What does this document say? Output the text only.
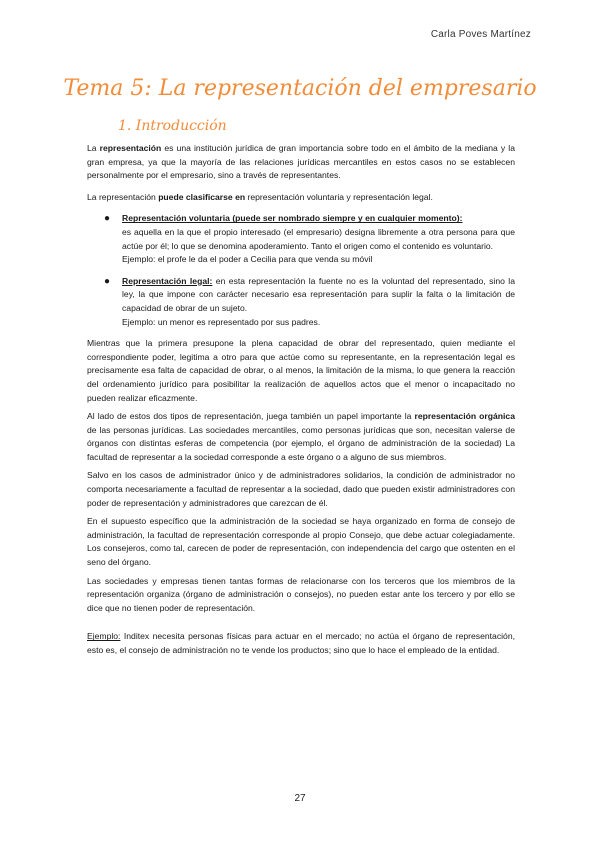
Carla Poves Martínez
Tema 5: La representación del empresario
1. Introducción

La representación es una institución jurídica de gran importancia sobre todo en el ámbito de la mediana y la gran empresa, ya que la mayoría de las relaciones jurídicas mercantiles en estos casos no se establecen personalmente por el empresario, sino a través de representantes.

La representación puede clasificarse en representación voluntaria y representación legal.

● Representación voluntaria (puede ser nombrado siempre y en cualquier momento):
es aquella en la que el propio interesado (el empresario) designa libremente a otra persona para que actúe por él; lo que se denomina apoderamiento. Tanto el origen como el contenido es voluntario.
Ejemplo: el profe le da el poder a Cecilia para que venda su móvil
● Representación legal: en esta representación la fuente no es la voluntad del representado, sino la ley, la que impone con carácter necesario esa representación para suplir la falta o la limitación de capacidad de obrar de un sujeto.
Ejemplo: un menor es representado por sus padres.

Mientras que la primera presupone la plena capacidad de obrar del representado, quien mediante el correspondiente poder, legitima a otro para que actúe como su representante, en la representación legal es precisamente esa falta de capacidad de obrar, o al menos, la limitación de la misma, lo que genera la reacción del ordenamiento jurídico para posibilitar la realización de aquellos actos que el menor o incapacitado no pueden realizar eficazmente.

Al lado de estos dos tipos de representación, juega también un papel importante la representación orgánica de las personas jurídicas. Las sociedades mercantiles, como personas jurídicas que son, necesitan valerse de órganos con distintas esferas de competencia (por ejemplo, el órgano de administración de la sociedad) La facultad de representar a la sociedad corresponde a este órgano o a alguno de sus miembros.

Salvo en los casos de administrador único y de administradores solidarios, la condición de administrador no comporta necesariamente a facultad de representar a la sociedad, dado que pueden existir administradores con poder de representación y administradores que carezcan de él.

En el supuesto específico que la administración de la sociedad se haya organizado en forma de consejo de administración, la facultad de representación corresponde al propio Consejo, que debe actuar colegiadamente. Los consejeros, como tal, carecen de poder de representación, con independencia del cargo que ostenten en el seno del órgano.

Las sociedades y empresas tienen tantas formas de relacionarse con los terceros que los miembros de la representación organiza (órgano de administración o consejos), no pueden estar ante los tercero y por ello se dice que no tienen poder de representación.

Ejemplo: Inditex necesita personas físicas para actuar en el mercado; no actúa el órgano de representación, esto es, el consejo de administración no te vende los productos; sino que lo hace el empleado de la entidad.

27
